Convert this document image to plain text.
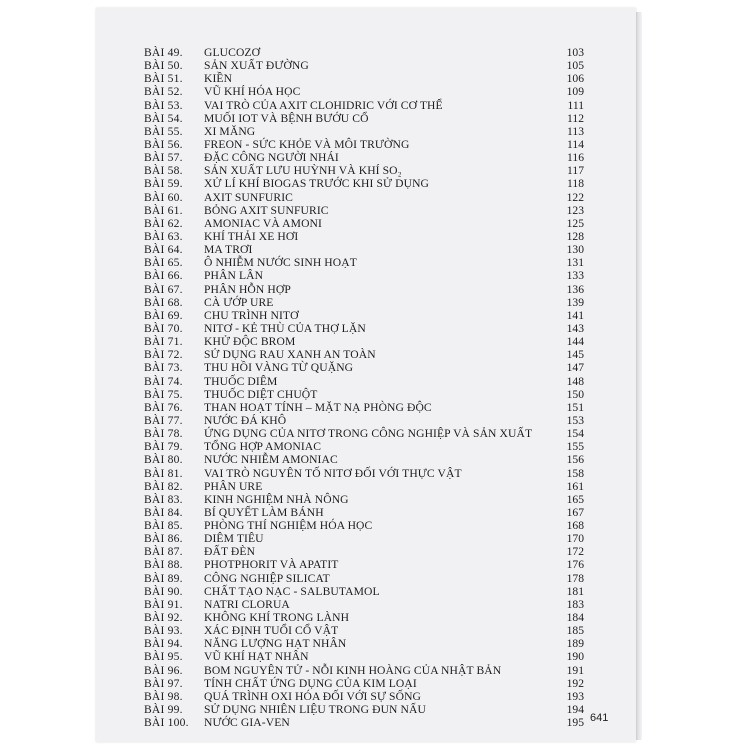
BÀI 49. GLUCOZƠ	103
BÀI 50. SẢN XUẤT ĐƯỜNG	105
BÀI 51. KIỀN	106
BÀI 52. VŨ KHÍ HÓA HỌC	109
BÀI 53. VAI TRÒ CỦA AXIT CLOHIDRIC VỚI CƠ THỂ	111
BÀI 54. MUỐI IOT VÀ BỆNH BƯỚU CỔ	112
BÀI 55. XI MĂNG	113
BÀI 56. FREON - SỨC KHỎE VÀ MÔI TRƯỜNG	114
BÀI 57. ĐẶC CÔNG NGƯỜI NHÁI	116
BÀI 58. SẢN XUẤT LƯU HUỲNH VÀ KHÍ SO₂	117
BÀI 59. XỬ LÍ KHÍ BIOGAS TRƯỚC KHI SỬ DỤNG	118
BÀI 60. AXIT SUNFURIC	122
BÀI 61. BỎNG AXIT SUNFURIC	123
BÀI 62. AMONIAC VÀ AMONI	125
BÀI 63. KHÍ THẢI XE HƠI	128
BÀI 64. MA TRƠI	130
BÀI 65. Ô NHIỄM NƯỚC SINH HOẠT	131
BÀI 66. PHÂN LÂN	133
BÀI 67. PHÂN HỖN HỢP	136
BÀI 68. CÀ ƯỚP URE	139
BÀI 69. CHU TRÌNH NITƠ	141
BÀI 70. NITƠ - KẺ THÙ CỦA THỢ LẶN	143
BÀI 71. KHỬ ĐỘC BROM	144
BÀI 72. SỬ DỤNG RAU XANH AN TOÀN	145
BÀI 73. THU HỒI VÀNG TỪ QUẶNG	147
BÀI 74. THUỐC DIÊM	148
BÀI 75. THUỐC DIỆT CHUỘT	150
BÀI 76. THAN HOẠT TÍNH – MẶT NẠ PHÒNG ĐỘC	151
BÀI 77. NƯỚC ĐÁ KHÔ	153
BÀI 78. ỨNG DỤNG CỦA NITƠ TRONG CÔNG NGHIỆP VÀ SẢN XUẤT	154
BÀI 79. TỔNG HỢP AMONIAC	155
BÀI 80. NƯỚC NHIỄM AMONIAC	156
BÀI 81. VAI TRÒ NGUYÊN TỐ NITƠ ĐỐI VỚI THỰC VẬT	158
BÀI 82. PHÂN URE	161
BÀI 83. KINH NGHIỆM NHÀ NÔNG	165
BÀI 84. BÍ QUYẾT LÀM BÁNH	167
BÀI 85. PHÒNG THÍ NGHIỆM HÓA HỌC	168
BÀI 86. DIÊM TIÊU	170
BÀI 87. ĐẤT ĐÈN	172
BÀI 88. PHOTPHORIT VÀ APATIT	176
BÀI 89. CÔNG NGHIỆP SILICAT	178
BÀI 90. CHẤT TẠO NẠC - SALBUTAMOL	181
BÀI 91. NATRI CLORUA	183
BÀI 92. KHÔNG KHÍ TRONG LÀNH	184
BÀI 93. XÁC ĐỊNH TUỔI CỔ VẬT	185
BÀI 94. NĂNG LƯỢNG HẠT NHÂN	189
BÀI 95. VŨ KHÍ HẠT NHÂN	190
BÀI 96. BOM NGUYÊN TỬ - NỖI KINH HOÀNG CỦA NHẬT BẢN	191
BÀI 97. TÍNH CHẤT ỨNG DỤNG CỦA KIM LOẠI	192
BÀI 98. QUÁ TRÌNH OXI HÓA ĐỐI VỚI SỰ SỐNG	193
BÀI 99. SỬ DỤNG NHIÊN LIỆU TRONG ĐUN NẤU	194
BÀI 100. NƯỚC GIA-VEN	195 641
